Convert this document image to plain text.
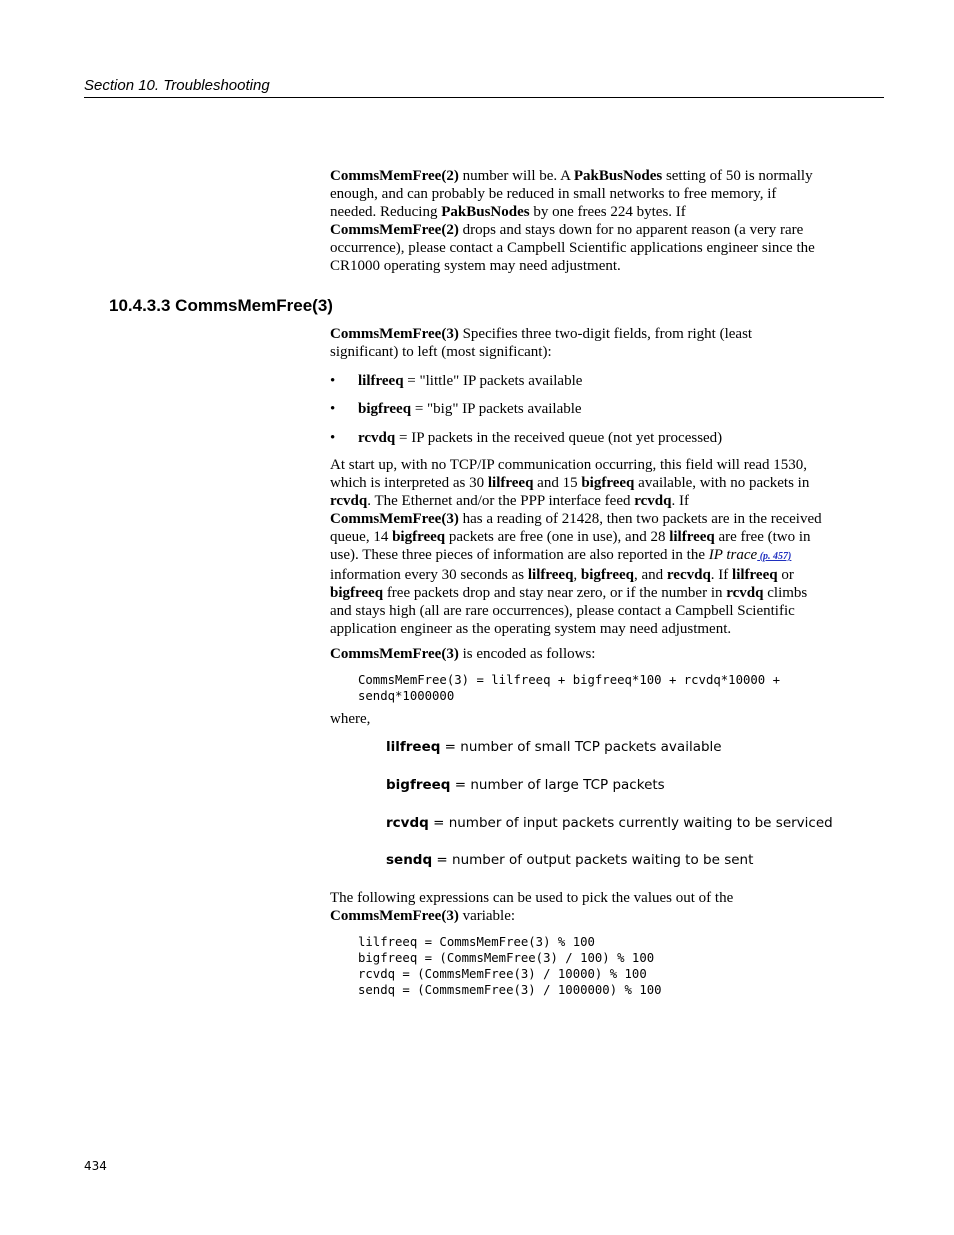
Section 10. Troubleshooting

CommsMemFree(2) number will be. A PakBusNodes setting of 50 is normally

enough, and can probably be reduced in small networks to free memory, if

needed. Reducing PakBusNodes by one frees 224 bytes. If

CommsMemFree(2) drops and stays down for no apparent reason (a very rare

occurrence), please contact a Campbell Scientific applications engineer since the

CR1000 operating system may need adjustment.

10.4.3.3 CommsMemFree(3)

CommsMemFree(3) Specifies three two-digit fields, from right (least

significant) to left (most significant):

• lilfreeq = "little" IP packets available
• bigfreeq = "big" IP packets available
• rcvdq = IP packets in the received queue (not yet processed)

At start up, with no TCP/IP communication occurring, this field will read 1530,

which is interpreted as 30 lilfreeq and 15 bigfreeq available, with no packets in

rcvdq. The Ethernet and/or the PPP interface feed rcvdq. If

CommsMemFree(3) has a reading of 21428, then two packets are in the received

queue, 14 bigfreeq packets are free (one in use), and 28 lilfreeq are free (two in

use). These three pieces of information are also reported in the IP trace (p. 457)

information every 30 seconds as lilfreeq, bigfreeq, and recvdq. If lilfreeq or

bigfreeq free packets drop and stay near zero, or if the number in rcvdq climbs

and stays high (all are rare occurrences), please contact a Campbell Scientific

application engineer as the operating system may need adjustment.

CommsMemFree(3) is encoded as follows:

CommsMemFree(3) = lilfreeq + bigfreeq*100 + rcvdq*10000 +
sendq*1000000

where,

lilfreeq = number of small TCP packets available
bigfreeq = number of large TCP packets
rcvdq = number of input packets currently waiting to be serviced
sendq = number of output packets waiting to be sent

The following expressions can be used to pick the values out of the

CommsMemFree(3) variable:

lilfreeq = CommsMemFree(3) % 100
bigfreeq = (CommsMemFree(3) / 100) % 100
rcvdq = (CommsMemFree(3) / 10000) % 100
sendq = (CommsmemFree(3) / 1000000) % 100
434
